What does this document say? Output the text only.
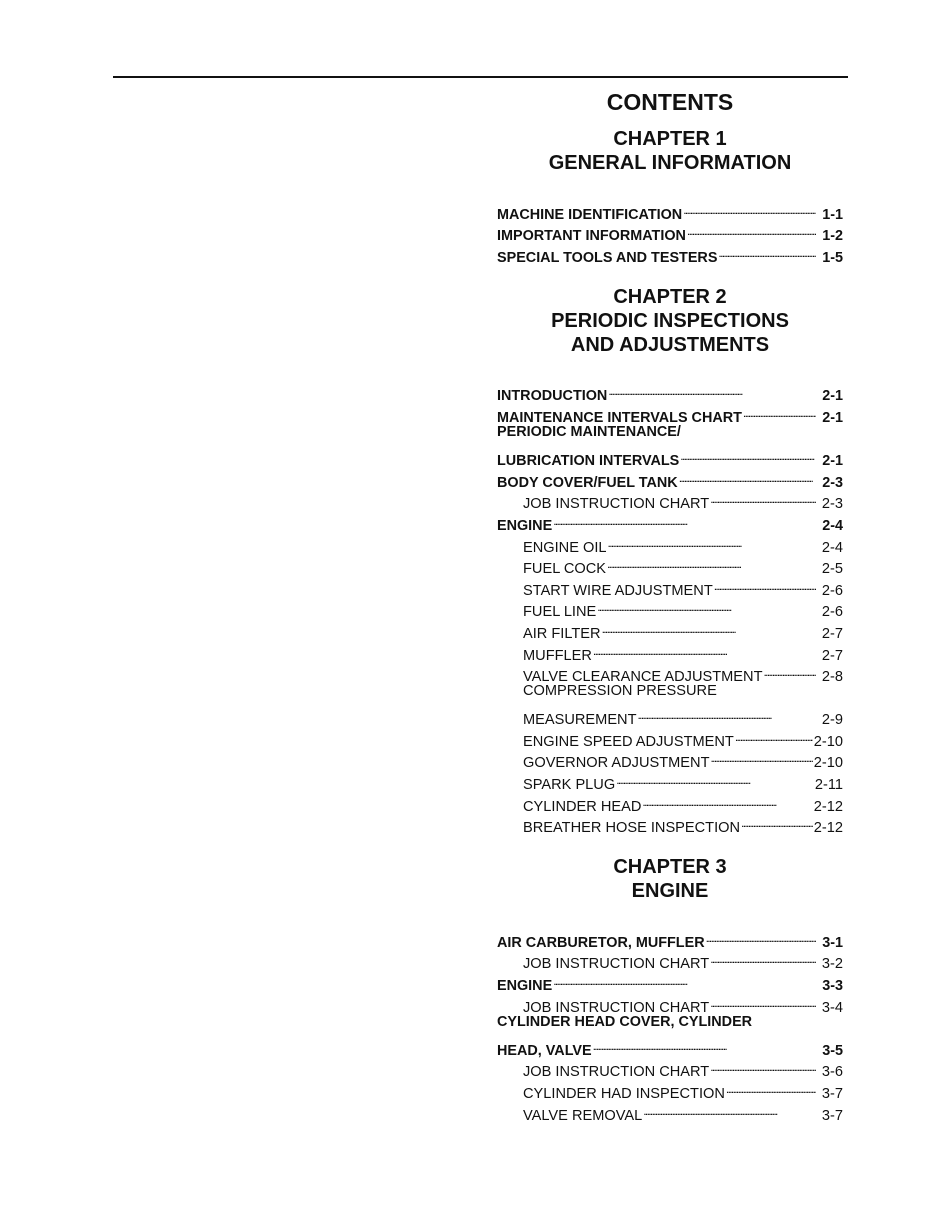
CONTENTS

CHAPTER 1

GENERAL INFORMATION

MACHINE IDENTIFICATION . . .	1-1
IMPORTANT INFORMATION . . .	1-2
SPECIAL TOOLS AND TESTERS . . .	1-5

CHAPTER 2

PERIODIC INSPECTIONS

AND ADJUSTMENTS

INTRODUCTION . . .	2-1
MAINTENANCE INTERVALS CHART . . .	2-1
PERIODIC MAINTENANCE/
LUBRICATION INTERVALS . . .	2-1
BODY COVER/FUEL TANK . . .	2-3
JOB INSTRUCTION CHART . . .	2-3
ENGINE . . .	2-4
ENGINE OIL . . .	2-4
FUEL COCK . . .	2-5
START WIRE ADJUSTMENT . . .	2-6
FUEL LINE . . .	2-6
AIR FILTER . . .	2-7
MUFFLER . . .	2-7
VALVE CLEARANCE ADJUSTMENT . . .	2-8
COMPRESSION PRESSURE
MEASUREMENT . . .	2-9
ENGINE SPEED ADJUSTMENT . . .	2-10
GOVERNOR ADJUSTMENT . . .	2-10
SPARK PLUG . . .	2-11
CYLINDER HEAD . . .	2-12
BREATHER HOSE INSPECTION . . .	2-12

CHAPTER 3

ENGINE

AIR CARBURETOR, MUFFLER . . .	3-1
JOB INSTRUCTION CHART . . .	3-2
ENGINE . . .	3-3
JOB INSTRUCTION CHART . . .	3-4
CYLINDER HEAD COVER, CYLINDER
HEAD, VALVE . . .	3-5
JOB INSTRUCTION CHART . . .	3-6
CYLINDER HAD INSPECTION . . .	3-7
VALVE REMOVAL . . .	3-7
